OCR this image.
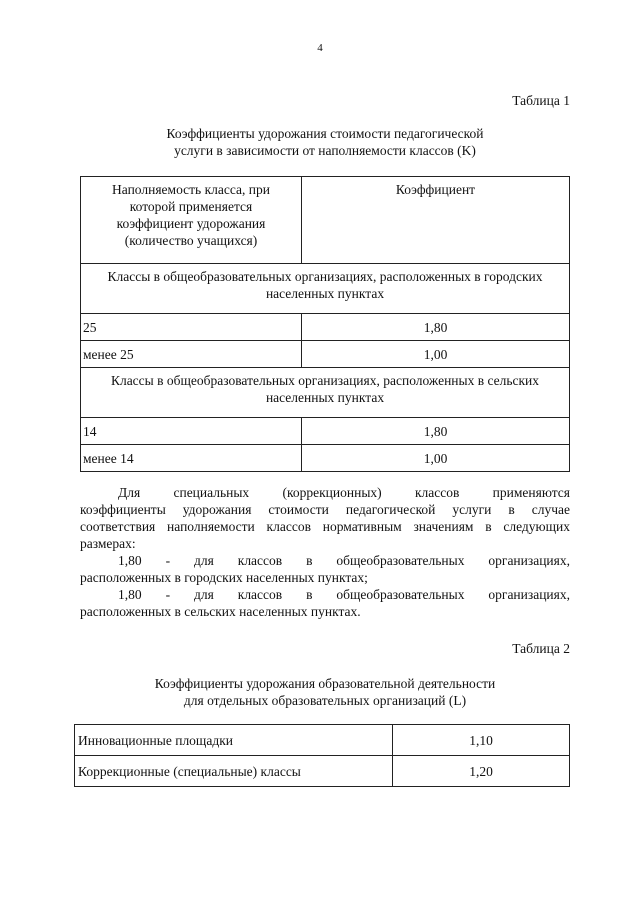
4
Таблица 1
Коэффициенты удорожания стоимости педагогической
услуги в зависимости от наполняемости классов (K)
Наполняемость класса, при
которой применяется
коэффициент удорожания
(количество учащихся)	Коэффициент

Классы в общеобразовательных организациях, расположенных в городских
населенных пунктах	

25	1,80
менее 25	1,00

Классы в общеобразовательных организациях, расположенных в сельских
населенных пунктах	

14	1,80
менее 14	1,00
Для специальных (коррекционных) классов применяются
коэффициенты удорожания стоимости педагогической услуги в случае
соответствия наполняемости классов нормативным значениям в следующих
размерах:
1,80 - для классов в общеобразовательных организациях,
расположенных в городских населенных пунктах;
1,80 - для классов в общеобразовательных организациях,
расположенных в сельских населенных пунктах.
Таблица 2
Коэффициенты удорожания образовательной деятельности
для отдельных образовательных организаций (L)
Инновационные площадки	1,10
Коррекционные (специальные) классы	1,20
